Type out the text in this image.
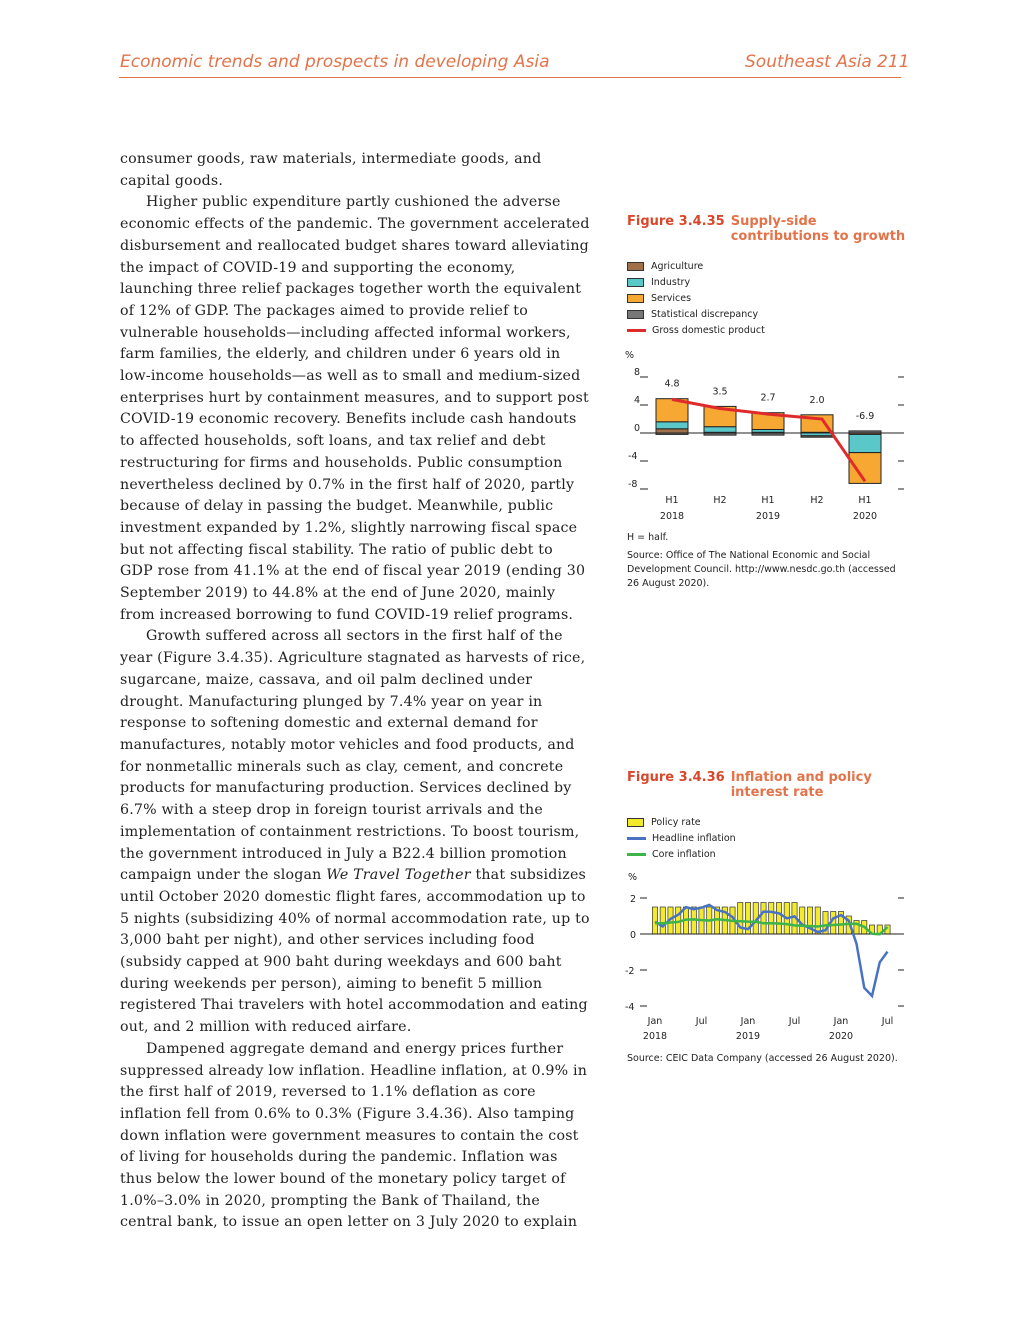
Economic trends and prospects in developing Asia	Southeast Asia 211

consumer goods, raw materials, intermediate goods, and capital goods.

Higher public expenditure partly cushioned the adverse economic effects of the pandemic. The government accelerated disbursement and reallocated budget shares toward alleviating the impact of COVID-19 and supporting the economy, launching three relief packages together worth the equivalent of 12% of GDP. The packages aimed to provide relief to vulnerable households—including affected informal workers, farm families, the elderly, and children under 6 years old in low-income households—as well as to small and medium-sized enterprises hurt by containment measures, and to support post COVID-19 economic recovery. Benefits include cash handouts to affected households, soft loans, and tax relief and debt restructuring for firms and households. Public consumption nevertheless declined by 0.7% in the first half of 2020, partly because of delay in passing the budget. Meanwhile, public investment expanded by 1.2%, slightly narrowing fiscal space but not affecting fiscal stability. The ratio of public debt to GDP rose from 41.1% at the end of fiscal year 2019 (ending 30 September 2019) to 44.8% at the end of June 2020, mainly from increased borrowing to fund COVID-19 relief programs.

Growth suffered across all sectors in the first half of the year (Figure 3.4.35). Agriculture stagnated as harvests of rice, sugarcane, maize, cassava, and oil palm declined under drought. Manufacturing plunged by 7.4% year on year in response to softening domestic and external demand for manufactures, notably motor vehicles and food products, and for nonmetallic minerals such as clay, cement, and concrete products for manufacturing production. Services declined by 6.7% with a steep drop in foreign tourist arrivals and the implementation of containment restrictions. To boost tourism, the government introduced in July a B22.4 billion promotion campaign under the slogan We Travel Together that subsidizes until October 2020 domestic flight fares, accommodation up to 5 nights (subsidizing 40% of normal accommodation rate, up to 3,000 baht per night), and other services including food (subsidy capped at 900 baht during weekdays and 600 baht during weekends per person), aiming to benefit 5 million registered Thai travelers with hotel accommodation and eating out, and 2 million with reduced airfare.

Dampened aggregate demand and energy prices further suppressed already low inflation. Headline inflation, at 0.9% in the first half of 2019, reversed to 1.1% deflation as core inflation fell from 0.6% to 0.3% (Figure 3.4.36). Also tamping down inflation were government measures to contain the cost of living for households during the pandemic. Inflation was thus below the lower bound of the monetary policy target of 1.0%–3.0% in 2020, prompting the Bank of Thailand, the central bank, to issue an open letter on 3 July 2020 to explain

Figure 3.4.35 Supply-side contributions to growth
Agriculture
Industry
Services
Statistical discrepancy
Gross domestic product
%
8
4
0
-4
-8
4.8
H1
2018
3.5
H2
2.7
H1
2019
2.0
H2
-6.9
H1
2020
H = half.
Source: Office of The National Economic and Social Development Council. http://www.nesdc.go.th (accessed 26 August 2020).
Figure 3.4.36 Inflation and policy interest rate
Policy rate
Headline inflation
Core inflation
%
2
0
-2
-4
Jan
2018
Jul	Jan
2019
Jul	Jan
2020
Jul
Source: CEIC Data Company (accessed 26 August 2020).
